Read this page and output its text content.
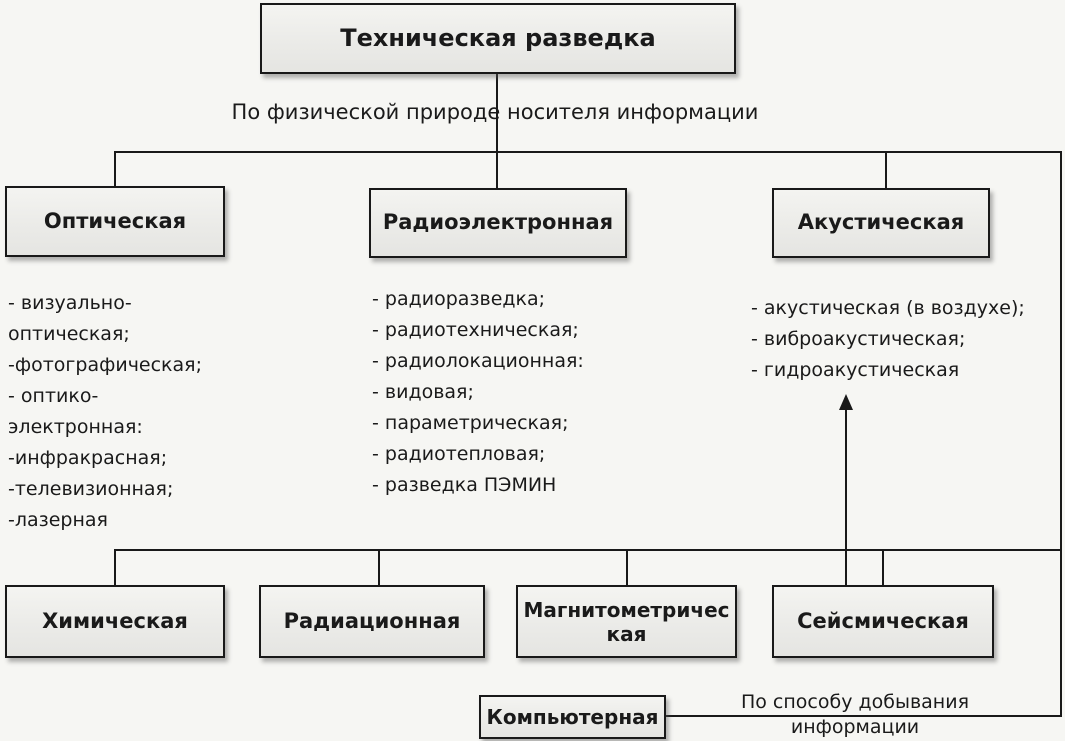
Техническая разведка
По физической природе носителя информации
Оптическая	Радиоэлектронная	Акустическая
- визуально-
оптическая;
-фотографическая;
- оптико-
электронная:
-инфракрасная;
-телевизионная;
-лазерная
- радиоразведка;
- радиотехническая;
- радиолокационная:
- видовая;
- параметрическая;
- радиотепловая;
- разведка ПЭМИН
- акустическая (в воздухе);
- виброакустическая;
- гидроакустическая
Химическая	Радиационная	Магнитометричес
кая
Сейсмическая
Компьютерная
По способу добывания
информации
